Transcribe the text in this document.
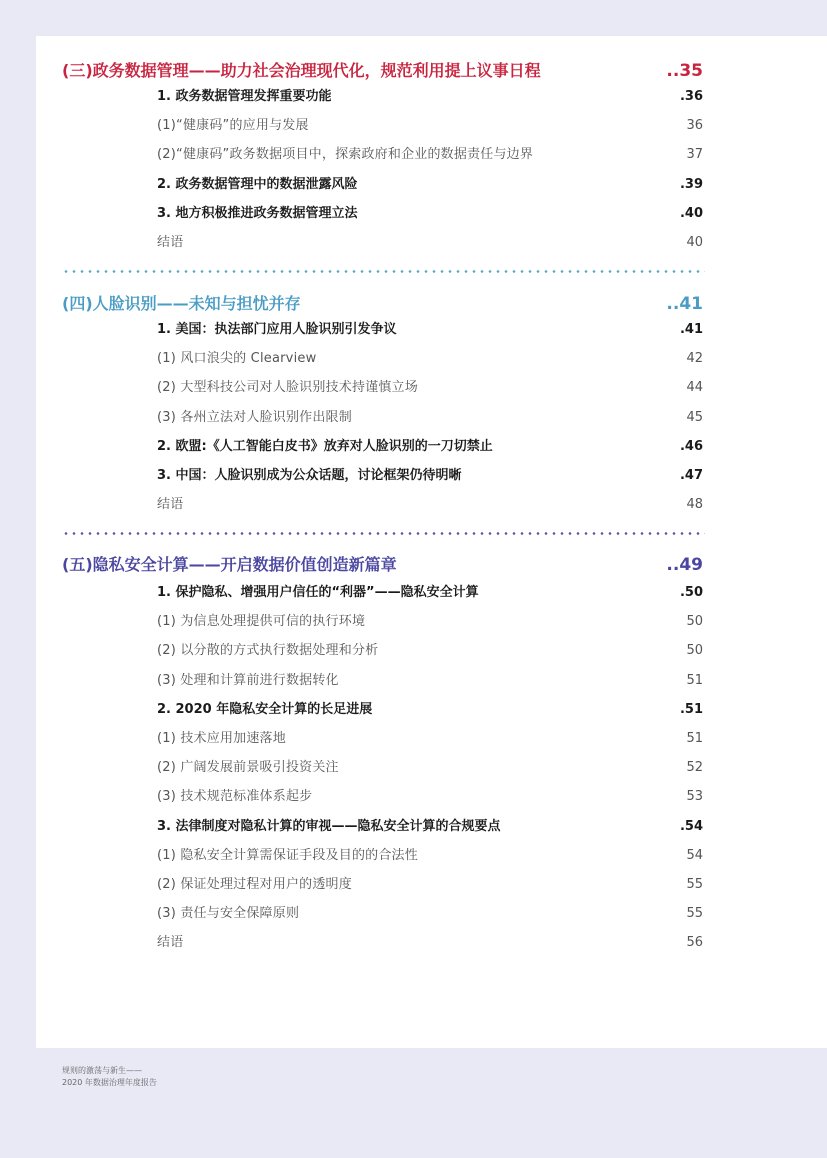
(三)政务数据管理——助力社会治理现代化，规范利用提上议事日程	..35
1. 政务数据管理发挥重要功能	.36
(1)“健康码”的应用与发展	36
(2)“健康码”政务数据项目中，探索政府和企业的数据责任与边界	37
2. 政务数据管理中的数据泄露风险	.39
3. 地方积极推进政务数据管理立法	.40
结语	40
(四)人脸识别——未知与担忧并存	..41
1. 美国：执法部门应用人脸识别引发争议	.41
(1) 风口浪尖的 Clearview	42
(2) 大型科技公司对人脸识别技术持谨慎立场	44
(3) 各州立法对人脸识别作出限制	45
2. 欧盟:《人工智能白皮书》放弃对人脸识别的一刀切禁止	.46
3. 中国：人脸识别成为公众话题，讨论框架仍待明晰	.47
结语	48
(五)隐私安全计算——开启数据价值创造新篇章	..49
1. 保护隐私、增强用户信任的“利器”——隐私安全计算	.50
(1) 为信息处理提供可信的执行环境	50
(2) 以分散的方式执行数据处理和分析	50
(3) 处理和计算前进行数据转化	51
2. 2020 年隐私安全计算的长足进展	.51
(1) 技术应用加速落地	51
(2) 广阔发展前景吸引投资关注	52
(3) 技术规范标准体系起步	53
3. 法律制度对隐私计算的审视——隐私安全计算的合规要点	.54
(1) 隐私安全计算需保证手段及目的的合法性	54
(2) 保证处理过程对用户的透明度	55
(3) 责任与安全保障原则	55
结语	56
规则的激荡与新生——
2020 年数据治理年度报告
